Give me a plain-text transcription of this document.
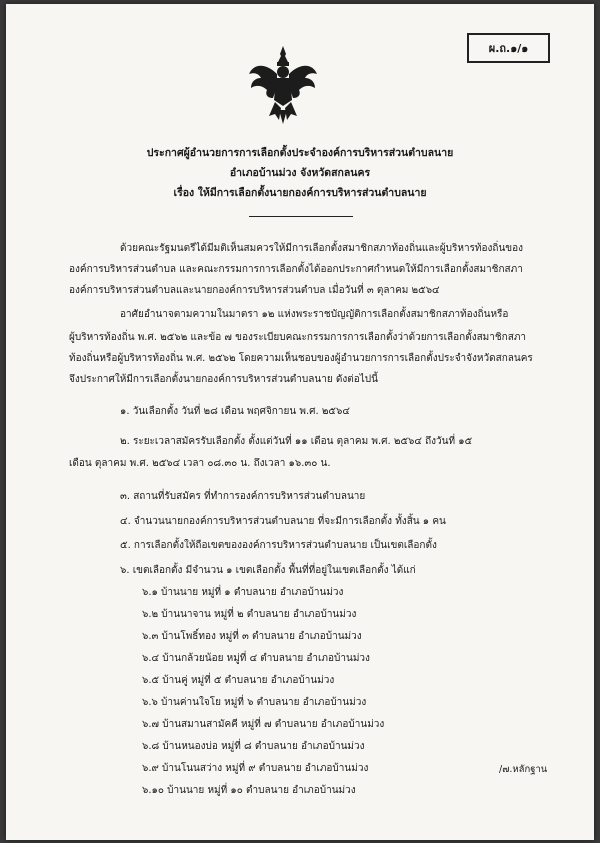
ผ.ถ.๑/๑
ประกาศผู้อำนวยการการเลือกตั้งประจำองค์การบริหารส่วนตำบลนาย
อำเภอบ้านม่วง จังหวัดสกลนคร
เรื่อง ให้มีการเลือกตั้งนายกองค์การบริหารส่วนตำบลนาย
ด้วยคณะรัฐมนตรีได้มีมติเห็นสมควรให้มีการเลือกตั้งสมาชิกสภาท้องถิ่นและผู้บริหารท้องถิ่นของ
องค์การบริหารส่วนตำบล และคณะกรรมการการเลือกตั้งได้ออกประกาศกำหนดให้มีการเลือกตั้งสมาชิกสภา
องค์การบริหารส่วนตำบลและนายกองค์การบริหารส่วนตำบล เมื่อวันที่ ๓ ตุลาคม ๒๕๖๔
อาศัยอำนาจตามความในมาตรา ๑๒ แห่งพระราชบัญญัติการเลือกตั้งสมาชิกสภาท้องถิ่นหรือ
ผู้บริหารท้องถิ่น พ.ศ. ๒๕๖๒ และข้อ ๗ ของระเบียบคณะกรรมการการเลือกตั้งว่าด้วยการเลือกตั้งสมาชิกสภา
ท้องถิ่นหรือผู้บริหารท้องถิ่น พ.ศ. ๒๕๖๒ โดยความเห็นชอบของผู้อำนวยการการเลือกตั้งประจำจังหวัดสกลนคร
จึงประกาศให้มีการเลือกตั้งนายกองค์การบริหารส่วนตำบลนาย ดังต่อไปนี้
๑. วันเลือกตั้ง วันที่ ๒๘ เดือน พฤศจิกายน พ.ศ. ๒๕๖๔
๒. ระยะเวลาสมัครรับเลือกตั้ง ตั้งแต่วันที่ ๑๑ เดือน ตุลาคม พ.ศ. ๒๕๖๔ ถึงวันที่ ๑๕
เดือน ตุลาคม พ.ศ. ๒๕๖๔ เวลา ๐๘.๓๐ น. ถึงเวลา ๑๖.๓๐ น.
๓. สถานที่รับสมัคร ที่ทำการองค์การบริหารส่วนตำบลนาย
๔. จำนวนนายกองค์การบริหารส่วนตำบลนาย ที่จะมีการเลือกตั้ง ทั้งสิ้น ๑ คน
๕. การเลือกตั้งให้ถือเขตขององค์การบริหารส่วนตำบลนาย เป็นเขตเลือกตั้ง
๖. เขตเลือกตั้ง มีจำนวน ๑ เขตเลือกตั้ง พื้นที่ที่อยู่ในเขตเลือกตั้ง ได้แก่
๖.๑ บ้านนาย หมู่ที่ ๑ ตำบลนาย อำเภอบ้านม่วง
๖.๒ บ้านนาจาน หมู่ที่ ๒ ตำบลนาย อำเภอบ้านม่วง
๖.๓ บ้านโพธิ์ทอง หมู่ที่ ๓ ตำบลนาย อำเภอบ้านม่วง
๖.๔ บ้านกล้วยน้อย หมู่ที่ ๔ ตำบลนาย อำเภอบ้านม่วง
๖.๕ บ้านคู่ หมู่ที่ ๕ ตำบลนาย อำเภอบ้านม่วง
๖.๖ บ้านค่านใจโย หมู่ที่ ๖ ตำบลนาย อำเภอบ้านม่วง
๖.๗ บ้านสมานสามัคคี หมู่ที่ ๗ ตำบลนาย อำเภอบ้านม่วง
๖.๘ บ้านหนองบ่อ หมู่ที่ ๘ ตำบลนาย อำเภอบ้านม่วง
๖.๙ บ้านโนนสว่าง หมู่ที่ ๙ ตำบลนาย อำเภอบ้านม่วง
๖.๑๐ บ้านนาย หมู่ที่ ๑๐ ตำบลนาย อำเภอบ้านม่วง
/๗.หลักฐาน
